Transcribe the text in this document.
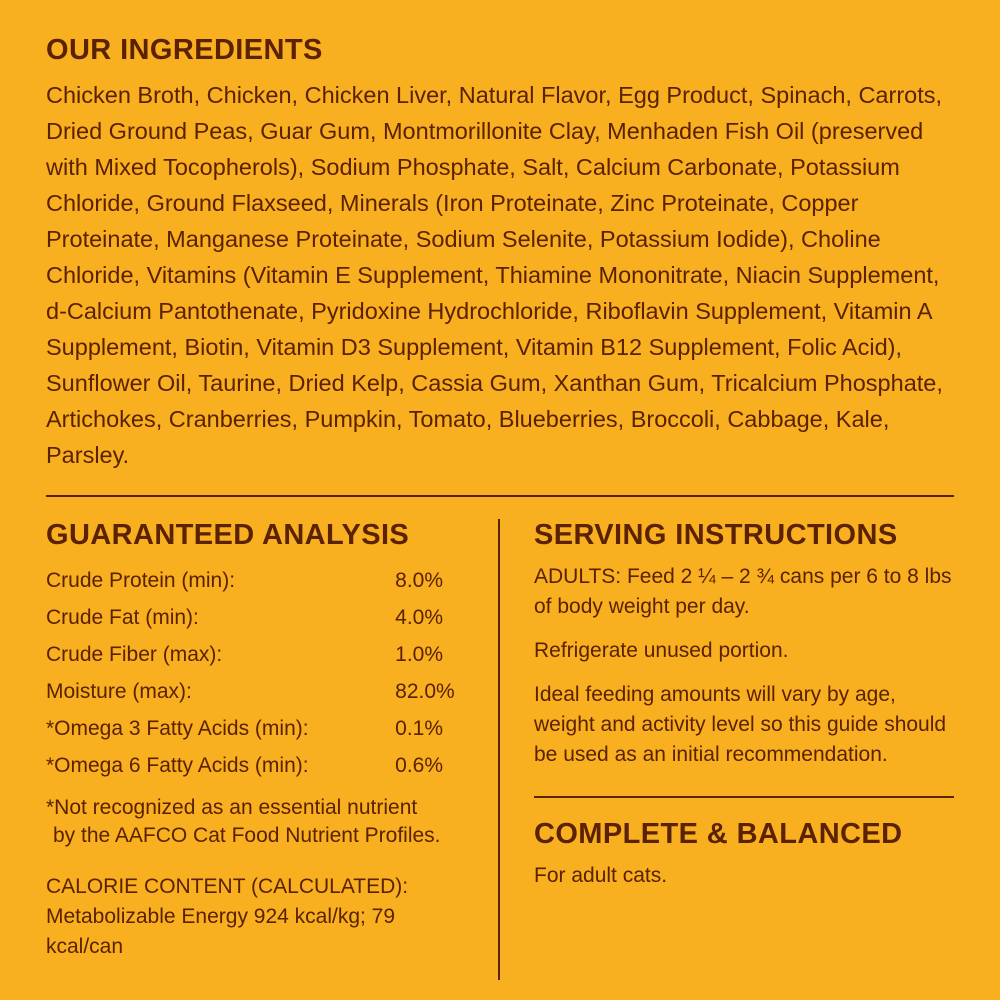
OUR INGREDIENTS

Chicken Broth, Chicken, Chicken Liver, Natural Flavor, Egg Product, Spinach, Carrots, Dried Ground Peas, Guar Gum, Montmorillonite Clay, Menhaden Fish Oil (preserved with Mixed Tocopherols), Sodium Phosphate, Salt, Calcium Carbonate, Potassium Chloride, Ground Flaxseed, Minerals (Iron Proteinate, Zinc Proteinate, Copper Proteinate, Manganese Proteinate, Sodium Selenite, Potassium Iodide), Choline Chloride, Vitamins (Vitamin E Supplement, Thiamine Mononitrate, Niacin Supplement, d-Calcium Pantothenate, Pyridoxine Hydrochloride, Riboflavin Supplement, Vitamin A Supplement, Biotin, Vitamin D3 Supplement, Vitamin B12 Supplement, Folic Acid), Sunflower Oil, Taurine, Dried Kelp, Cassia Gum, Xanthan Gum, Tricalcium Phosphate, Artichokes, Cranberries, Pumpkin, Tomato, Blueberries, Broccoli, Cabbage, Kale, Parsley.

GUARANTEED ANALYSIS
Crude Protein (min):	8.0%
Crude Fat (min):	4.0%
Crude Fiber (max):	1.0%
Moisture (max):	82.0%
*Omega 3 Fatty Acids (min):	0.1%
*Omega 6 Fatty Acids (min):	0.6%

*Not recognized as an essential nutrient
by the AAFCO Cat Food Nutrient Profiles.

CALORIE CONTENT (CALCULATED):
Metabolizable Energy 924 kcal/kg; 79 kcal/can

SERVING INSTRUCTIONS

ADULTS: Feed 2 ¼ – 2 ¾ cans per 6 to 8 lbs of body weight per day.

Refrigerate unused portion.

Ideal feeding amounts will vary by age, weight and activity level so this guide should be used as an initial recommendation.

COMPLETE & BALANCED

For adult cats.
